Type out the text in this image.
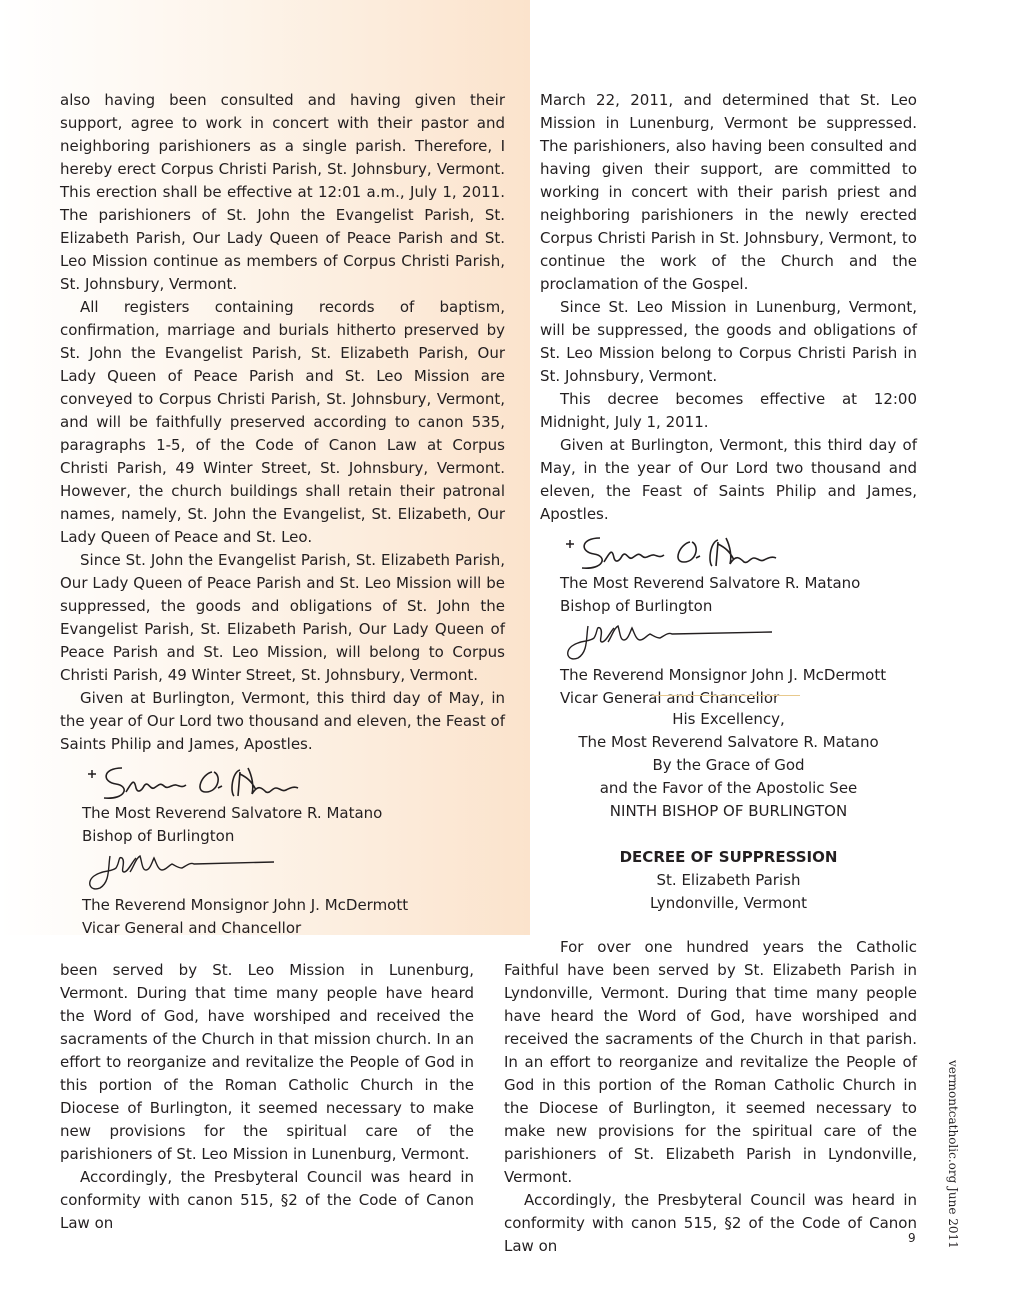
also having been consulted and having given their support, agree to work in concert with their pastor and neighboring parishioners as a single parish. Therefore, I hereby erect Corpus Christi Parish, St. Johnsbury, Vermont. This erection shall be effective at 12:01 a.m., July 1, 2011. The parishioners of St. John the Evangelist Parish, St. Elizabeth Parish, Our Lady Queen of Peace Parish and St. Leo Mission continue as members of Corpus Christi Parish, St. Johnsbury, Vermont.

All registers containing records of baptism, confirmation, marriage and burials hitherto preserved by St. John the Evangelist Parish, St. Elizabeth Parish, Our Lady Queen of Peace Parish and St. Leo Mission are conveyed to Corpus Christi Parish, St. Johnsbury, Vermont, and will be faithfully preserved according to canon 535, paragraphs 1-5, of the Code of Canon Law at Corpus Christi Parish, 49 Winter Street, St. Johnsbury, Vermont. However, the church buildings shall retain their patronal names, namely, St. John the Evangelist, St. Elizabeth, Our Lady Queen of Peace and St. Leo.

Since St. John the Evangelist Parish, St. Elizabeth Parish, Our Lady Queen of Peace Parish and St. Leo Mission will be suppressed, the goods and obligations of St. John the Evangelist Parish, St. Elizabeth Parish, Our Lady Queen of Peace Parish and St. Leo Mission, will belong to Corpus Christi Parish, 49 Winter Street, St. Johnsbury, Vermont.

Given at Burlington, Vermont, this third day of May, in the year of Our Lord two thousand and eleven, the Feast of Saints Philip and James, Apostles.

The Most Reverend Salvatore R. Matano

Bishop of Burlington

The Reverend Monsignor John J. McDermott

Vicar General and Chancellor

March 22, 2011, and determined that St. Leo Mission in Lunenburg, Vermont be suppressed. The parishioners, also having been consulted and having given their support, are committed to working in concert with their parish priest and neighboring parishioners in the newly erected Corpus Christi Parish in St. Johnsbury, Vermont, to continue the work of the Church and the proclamation of the Gospel.

Since St. Leo Mission in Lunenburg, Vermont, will be suppressed, the goods and obligations of St. Leo Mission belong to Corpus Christi Parish in St. Johnsbury, Vermont.

This decree becomes effective at 12:00 Midnight, July 1, 2011.

Given at Burlington, Vermont, this third day of May, in the year of Our Lord two thousand and eleven, the Feast of Saints Philip and James, Apostles.

The Most Reverend Salvatore R. Matano

Bishop of Burlington

The Reverend Monsignor John J. McDermott

Vicar General and Chancellor

His Excellency,

The Most Reverend Salvatore R. Matano

By the Grace of God

and the Favor of the Apostolic See

NINTH BISHOP OF BURLINGTON

DECREE OF SUPPRESSION

St. Elizabeth Parish

Lyndonville, Vermont

been served by St. Leo Mission in Lunenburg, Vermont. During that time many people have heard the Word of God, have worshiped and received the sacraments of the Church in that mission church. In an effort to reorganize and revitalize the People of God in this portion of the Roman Catholic Church in the Diocese of Burlington, it seemed necessary to make new provisions for the spiritual care of the parishioners of St. Leo Mission in Lunenburg, Vermont.

Accordingly, the Presbyteral Council was heard in conformity with canon 515, §2 of the Code of Canon Law on

For over one hundred years the Catholic Faithful have been served by St. Elizabeth Parish in Lyndonville, Vermont. During that time many people have heard the Word of God, have worshiped and received the sacraments of the Church in that parish. In an effort to reorganize and revitalize the People of God in this portion of the Roman Catholic Church in the Diocese of Burlington, it seemed necessary to make new provisions for the spiritual care of the parishioners of St. Elizabeth Parish in Lyndonville, Vermont.

Accordingly, the Presbyteral Council was heard in conformity with canon 515, §2 of the Code of Canon Law on	vermontcatholic.org June 2011
9
